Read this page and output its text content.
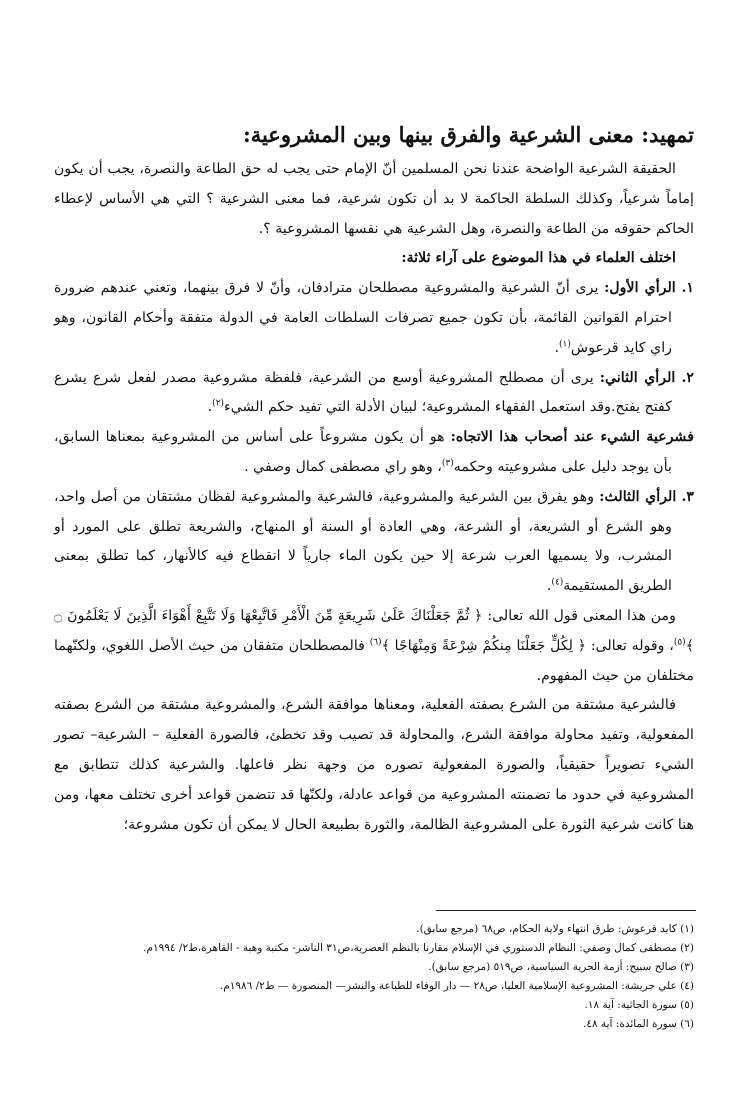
تمهيد: معنى الشرعية والفرق بينها وبين المشروعية:

الحقيقة الشرعية الواضحة عندنا نحن المسلمين أنّ الإمام حتى يجب له حق الطاعة والنصرة، يجب أن يكون إماماً شرعياً، وكذلك السلطة الحاكمة لا بد أن تكون شرعية، فما معنى الشرعية ؟ التي هي الأساس لإعطاء الحاكم حقوقه من الطاعة والنصرة، وهل الشرعية هي نفسها المشروعية ؟.

اختلف العلماء في هذا الموضوع على آراء ثلاثة:

١. الرأي الأول: يرى أنّ الشرعية والمشروعية مصطلحان مترادفان، وأنّ لا فرق بينهما، وتعني عندهم ضرورة احترام القوانين القائمة، بأن تكون جميع تصرفات السلطات العامة في الدولة متفقة وأحكام القانون، وهو راي كايد قرعوش$^{(١)}$.

٢. الرأي الثاني: يرى أن مصطلح المشروعية أوسع من الشرعية، فلفظة مشروعية مصدر لفعل شرع يشرع كفتح يفتح.وقد استعمل الفقهاء المشروعية؛ لبيان الأدلة التي تفيد حكم الشيء$^{(٢)}$.

فشرعية الشيء عند أصحاب هذا الاتجاه: هو أن يكون مشروعاً على أساس من المشروعية بمعناها السابق، بأن يوجد دليل على مشروعيته وحكمه$^{(٣)}$، وهو راي مصطفى كمال وصفي .

٣. الرأي الثالث: وهو يفرق بين الشرعية والمشروعية، فالشرعية والمشروعية لفظان مشتقان من أصل واحد، وهو الشرع أو الشريعة، أو الشرعة، وهي العادة أو السنة أو المنهاج، والشريعة تطلق على المورد أو المشرب، ولا يسميها العرب شرعة إلا حين يكون الماء جارياً لا انقطاع فيه كالأنهار، كما تطلق بمعنى الطريق المستقيمة$^{(٤)}$.

ومن هذا المعنى قول الله تعالى: ﴿ ثُمَّ جَعَلْنَاكَ عَلَىٰ شَرِيعَةٍ مِّنَ الْأَمْرِ فَاتَّبِعْهَا وَلَا تَتَّبِعْ أَهْوَاءَ الَّذِينَ لَا يَعْلَمُونَ ۝ ﴾$^{(٥)}$، وقوله تعالى: ﴿ لِكُلٍّ جَعَلْنَا مِنكُمْ شِرْعَةً وَمِنْهَاجًا ﴾$^{(٦)}$ فالمصطلحان متفقان من حيث الأصل اللغوي، ولكنّهما مختلفان من حيث المفهوم.

فالشرعية مشتقة من الشرع بصفته الفعلية، ومعناها موافقة الشرع، والمشروعية مشتقة من الشرع بصفته المفعولية، وتفيد محاولة موافقة الشرع، والمحاولة قد تصيب وقد تخطئ، فالصورة الفعلية – الشرعية– تصور الشيء تصويراً حقيقياً، والصورة المفعولية تصوره من وجهة نظر فاعلها. والشرعية كذلك تتطابق مع المشروعية في حدود ما تضمنته المشروعية من قواعد عادلة، ولكنّها قد تتضمن قواعد أخرى تختلف معها، ومن هنا كانت شرعية الثورة على المشروعية الظالمة، والثورة بطبيعة الحال لا يمكن أن تكون مشروعة؛

(١) كايد قرعوش: طرق انتهاء ولاية الحكام، ص٦٨ (مرجع سابق).

(٢) مصطفى كمال وصفي: النظام الدستوري في الإسلام مقارنا بالنظم العصرية،ص٣١ الناشر- مكتبة وهبة - القاهرة،ط٢/ ١٩٩٤م.

(٣) صالح سبيح: أزمة الحرية السياسية، ص٥١٩ (مرجع سابق).

(٤) علي جريشة: المشروعية الإسلامية العليا، ص٢٨ — دار الوفاء للطباعة والنشر— المنصورة — ط٢/ ١٩٨٦م.

(٥) سورة الجاثية: آية ١٨.

(٦) سورة المائدة: آية ٤٨.
